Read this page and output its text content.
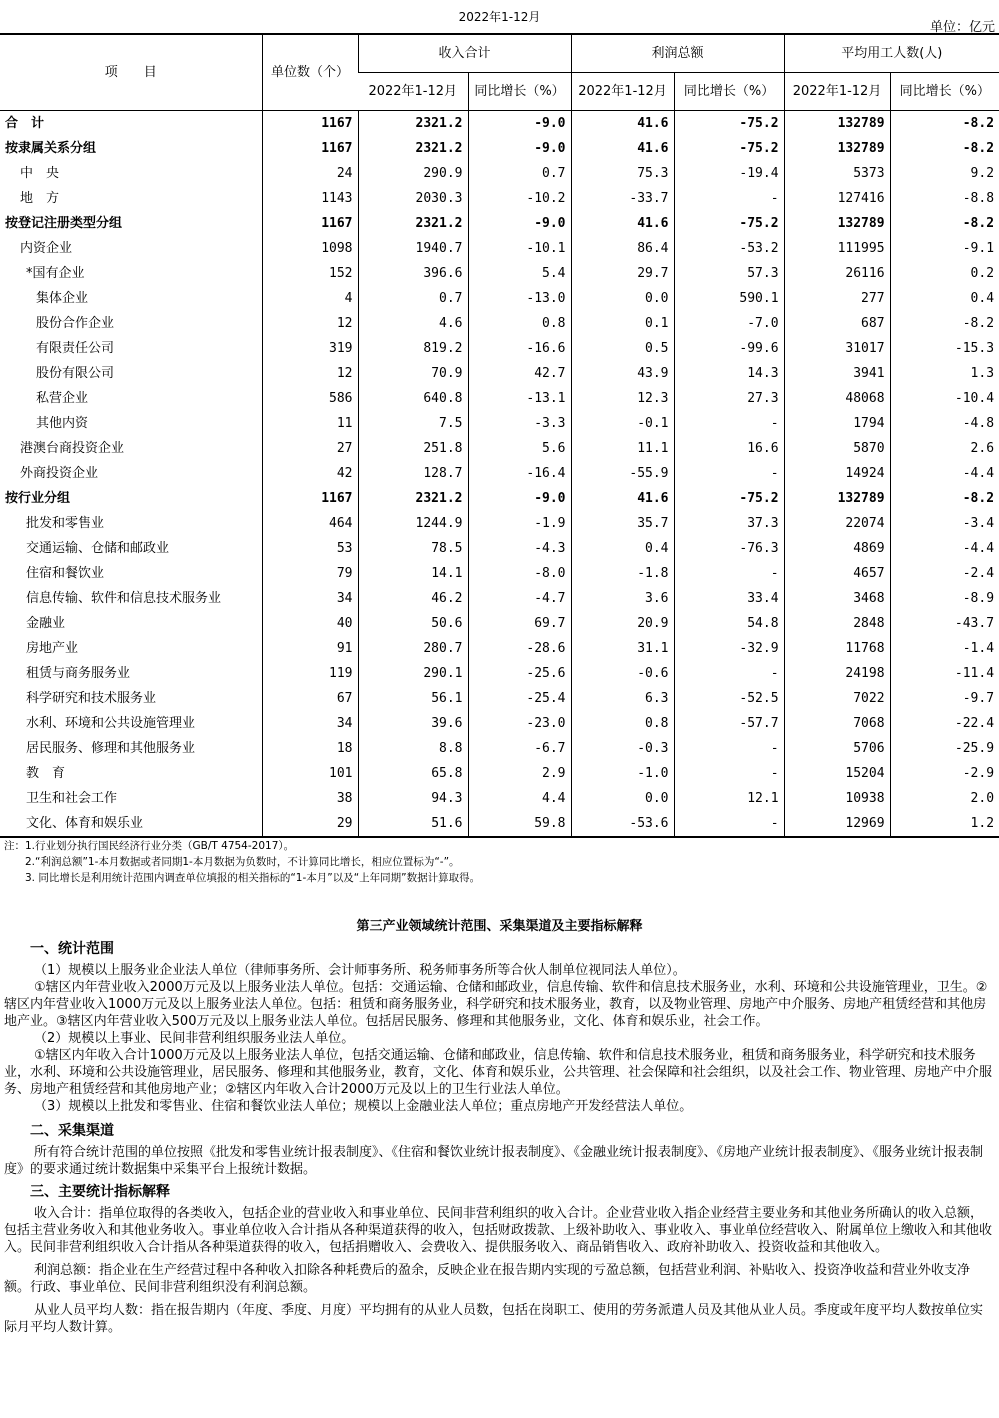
2022年1-12月
单位：亿元
项　　目	单位数（个）	收入合计		利润总额		平均用工人数(人)	
		2022年1-12月	同比增长（%）	2022年1-12月	同比增长（%）	2022年1-12月	同比增长（%）
合　计	1167	2321.2	-9.0	41.6	-75.2	132789	-8.2
按隶属关系分组	1167	2321.2	-9.0	41.6	-75.2	132789	-8.2
中　央	24	290.9	0.7	75.3	-19.4	5373	9.2
地　方	1143	2030.3	-10.2	-33.7	-	127416	-8.8
按登记注册类型分组	1167	2321.2	-9.0	41.6	-75.2	132789	-8.2
内资企业	1098	1940.7	-10.1	86.4	-53.2	111995	-9.1
*国有企业	152	396.6	5.4	29.7	57.3	26116	0.2
集体企业	4	0.7	-13.0	0.0	590.1	277	0.4
股份合作企业	12	4.6	0.8	0.1	-7.0	687	-8.2
有限责任公司	319	819.2	-16.6	0.5	-99.6	31017	-15.3
股份有限公司	12	70.9	42.7	43.9	14.3	3941	1.3
私营企业	586	640.8	-13.1	12.3	27.3	48068	-10.4
其他内资	11	7.5	-3.3	-0.1	-	1794	-4.8
港澳台商投资企业	27	251.8	5.6	11.1	16.6	5870	2.6
外商投资企业	42	128.7	-16.4	-55.9	-	14924	-4.4
按行业分组	1167	2321.2	-9.0	41.6	-75.2	132789	-8.2
批发和零售业	464	1244.9	-1.9	35.7	37.3	22074	-3.4
交通运输、仓储和邮政业	53	78.5	-4.3	0.4	-76.3	4869	-4.4
住宿和餐饮业	79	14.1	-8.0	-1.8	-	4657	-2.4
信息传输、软件和信息技术服务业	34	46.2	-4.7	3.6	33.4	3468	-8.9
金融业	40	50.6	69.7	20.9	54.8	2848	-43.7
房地产业	91	280.7	-28.6	31.1	-32.9	11768	-1.4
租赁与商务服务业	119	290.1	-25.6	-0.6	-	24198	-11.4
科学研究和技术服务业	67	56.1	-25.4	6.3	-52.5	7022	-9.7
水利、环境和公共设施管理业	34	39.6	-23.0	0.8	-57.7	7068	-22.4
居民服务、修理和其他服务业	18	8.8	-6.7	-0.3	-	5706	-25.9
教　育	101	65.8	2.9	-1.0	-	15204	-2.9
卫生和社会工作	38	94.3	4.4	0.0	12.1	10938	2.0
文化、体育和娱乐业	29	51.6	59.8	-53.6	-	12969	1.2
注：1.行业划分执行国民经济行业分类（GB/T 4754-2017）。
　　2.“利润总额”1-本月数据或者同期1-本月数据为负数时，不计算同比增长，相应位置标为“-”。
　　3. 同比增长是利用统计范围内调查单位填报的相关指标的“1-本月”以及“上年同期”数据计算取得。
第三产业领域统计范围、采集渠道及主要指标解释
一、统计范围

（1）规模以上服务业企业法人单位（律师事务所、会计师事务所、税务师事务所等合伙人制单位视同法人单位）。

①辖区内年营业收入2000万元及以上服务业法人单位。包括：交通运输、仓储和邮政业，信息传输、软件和信息技术服务业，水利、环境和公共设施管理业，卫生。②辖区内年营业收入1000万元及以上服务业法人单位。包括：租赁和商务服务业，科学研究和技术服务业，教育，以及物业管理、房地产中介服务、房地产租赁经营和其他房地产业。③辖区内年营业收入500万元及以上服务业法人单位。包括居民服务、修理和其他服务业，文化、体育和娱乐业，社会工作。

（2）规模以上事业、民间非营利组织服务业法人单位。

①辖区内年收入合计1000万元及以上服务业法人单位，包括交通运输、仓储和邮政业，信息传输、软件和信息技术服务业，租赁和商务服务业，科学研究和技术服务业，水利、环境和公共设施管理业，居民服务、修理和其他服务业，教育，文化、体育和娱乐业，公共管理、社会保障和社会组织，以及社会工作、物业管理、房地产中介服务、房地产租赁经营和其他房地产业；②辖区内年收入合计2000万元及以上的卫生行业法人单位。

（3）规模以上批发和零售业、住宿和餐饮业法人单位；规模以上金融业法人单位；重点房地产开发经营法人单位。

二、采集渠道

所有符合统计范围的单位按照《批发和零售业统计报表制度》、《住宿和餐饮业统计报表制度》、《金融业统计报表制度》、《房地产业统计报表制度》、《服务业统计报表制度》的要求通过统计数据集中采集平台上报统计数据。

三、主要统计指标解释

收入合计：指单位取得的各类收入，包括企业的营业收入和事业单位、民间非营利组织的收入合计。企业营业收入指企业经营主要业务和其他业务所确认的收入总额，包括主营业务收入和其他业务收入。事业单位收入合计指从各种渠道获得的收入，包括财政拨款、上级补助收入、事业收入、事业单位经营收入、附属单位上缴收入和其他收入。民间非营利组织收入合计指从各种渠道获得的收入，包括捐赠收入、会费收入、提供服务收入、商品销售收入、政府补助收入、投资收益和其他收入。

利润总额：指企业在生产经营过程中各种收入扣除各种耗费后的盈余，反映企业在报告期内实现的亏盈总额，包括营业利润、补贴收入、投资净收益和营业外收支净额。行政、事业单位、民间非营利组织没有利润总额。

从业人员平均人数：指在报告期内（年度、季度、月度）平均拥有的从业人员数，包括在岗职工、使用的劳务派遣人员及其他从业人员。季度或年度平均人数按单位实际月平均人数计算。
